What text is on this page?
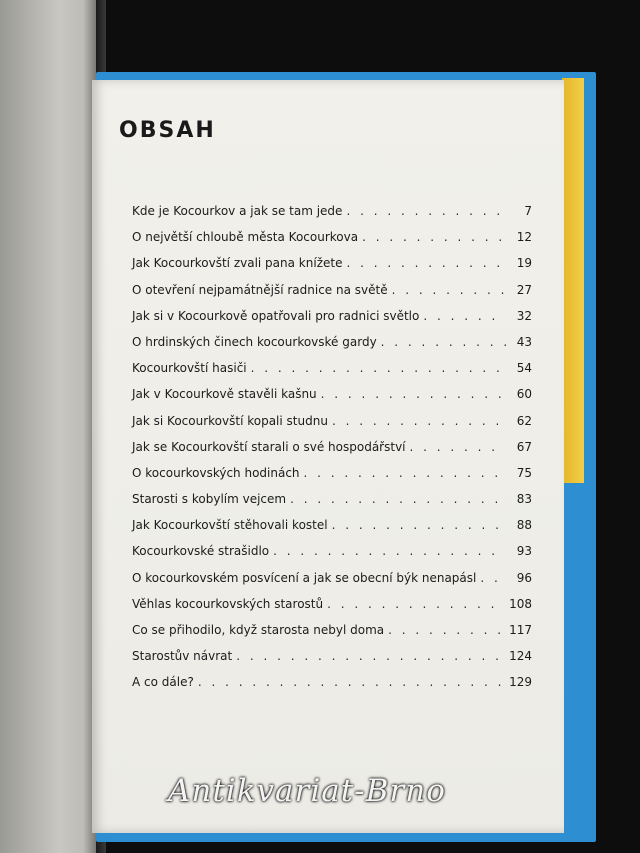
OBSAH
Kde je Kocourkov a jak se tam jede . . .	7
O největší chloubě města Kocourkova . . .	12
Jak Kocourkovští zvali pana knížete . . .	19
O otevření nejpamátnější radnice na světě . . .	27
Jak si v Kocourkově opatřovali pro radnici světlo . . .	32
O hrdinských činech kocourkovské gardy . . .	43
Kocourkovští hasiči . . .	54
Jak v Kocourkově stavěli kašnu . . .	60
Jak si Kocourkovští kopali studnu . . .	62
Jak se Kocourkovští starali o své hospodářství . . .	67
O kocourkovských hodinách . . .	75
Starosti s kobylím vejcem . . .	83
Jak Kocourkovští stěhovali kostel . . .	88
Kocourkovské strašidlo . . .	93
O kocourkovském posvícení a jak se obecní býk nenapásl . . .	96
Věhlas kocourkovských starostů . . .	108
Co se přihodilo, když starosta nebyl doma . . .	117
Starostův návrat . . .	124
A co dále? . . .	129
Antikvariat-Brno
